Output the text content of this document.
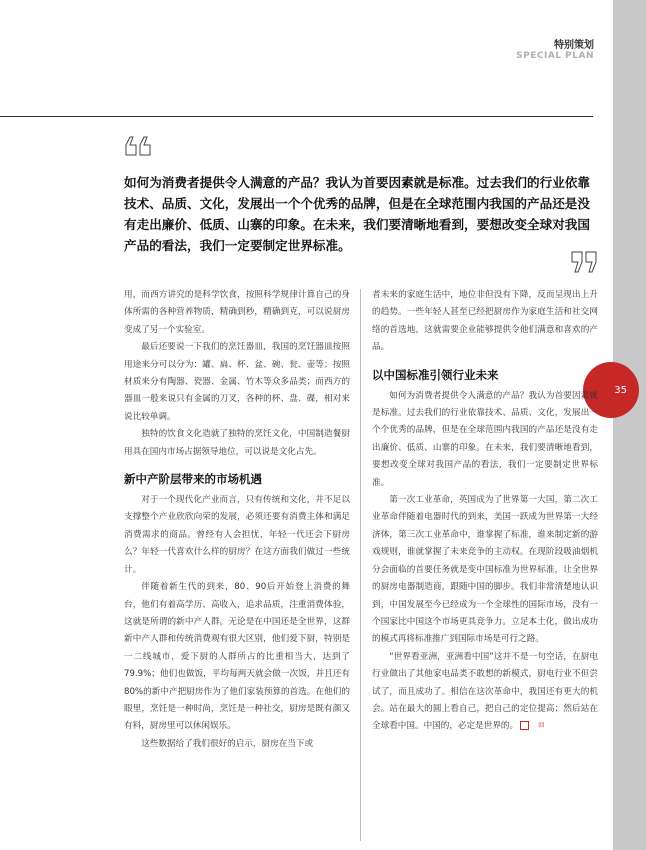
特别策划
SPECIAL PLAN
35
如何为消费者提供令人满意的产品？我认为首要因素就是标准。过去我们的行业依靠技术、品质、文化，发展出一个个优秀的品牌，但是在全球范围内我国的产品还是没有走出廉价、低质、山寨的印象。在未来，我们要清晰地看到，要想改变全球对我国产品的看法，我们一定要制定世界标准。

用，而西方讲究的是科学饮食，按照科学规律计算自己的身体所需的各种营养物质，精确到秒，精确到克，可以说厨房变成了另一个实验室。

最后还要说一下我们的烹饪器皿，我国的烹饪器皿按照用途来分可以分为：罐、扁、杯、盆、碗、瓮、壶等；按照材质来分有陶器、瓷器、金属、竹木等众多品类；而西方的器皿一般来说只有金属的刀叉，各种的杯、盘、碟，相对来说比较单调。

独特的饮食文化造就了独特的烹饪文化，中国制造餐厨用具在国内市场占据领导地位，可以说是文化占先。

新中产阶层带来的市场机遇

对于一个现代化产业而言，只有传统和文化，并不足以支撑整个产业欣欣向荣的发展，必须还要有消费主体和满足消费需求的商品。曾经有人会担忧，年轻一代还会下厨房么？年轻一代喜欢什么样的厨房？在这方面我们做过一些统计。

伴随着新生代的到来，80、90后开始登上消费的舞台，他们有着高学历、高收入，追求品质，注重消费体验，这就是所谓的新中产人群。无论是在中国还是全世界，这群新中产人群和传统消费观有很大区别，他们爱下厨，特别是一二线城市，爱下厨的人群所占的比重相当大，达到了79.9%；他们也做饭，平均每两天就会做一次饭，并且还有80%的新中产把厨房作为了他们家装预算的首选。在他们的眼里，烹饪是一种时尚，烹饪是一种社交，厨房是既有颜又有料，厨房里可以休闲娱乐。

这些数据给了我们很好的启示，厨房在当下或

者未来的家庭生活中，地位非但没有下降，反而呈现出上升的趋势。一些年轻人甚至已经把厨房作为家庭生活和社交网络的首选地，这就需要企业能够提供令他们满意和喜欢的产品。

以中国标准引领行业未来

如何为消费者提供令人满意的产品？我认为首要因素就是标准。过去我们的行业依靠技术、品质、文化，发展出一个个优秀的品牌，但是在全球范围内我国的产品还是没有走出廉价、低质、山寨的印象。在未来，我们要清晰地看到，要想改变全球对我国产品的看法，我们一定要制定世界标准。

第一次工业革命，英国成为了世界第一大国，第二次工业革命伴随着电器时代的到来，美国一跃成为世界第一大经济体，第三次工业革命中，谁掌握了标准，谁来制定新的游戏规则，谁就掌握了未来竞争的主动权。在现阶段吸油烟机分会面临的首要任务就是变中国标准为世界标准，让全世界的厨房电器制造商，跟随中国的脚步。我们非常清楚地认识到，中国发展至今已经成为一个全球性的国际市场，没有一个国家比中国这个市场更具竞争力。立足本土化，做出成功的模式再将标准推广到国际市场是可行之路。

“世界看亚洲，亚洲看中国”这并不是一句空话，在厨电行业做出了其他家电品类不敢想的新模式，厨电行业不但尝试了，而且成功了。相信在这次革命中，我国还有更大的机会。站在最大的圆上看自己，把自己的定位提高；然后站在全球看中国。中国的，必定是世界的。	回
